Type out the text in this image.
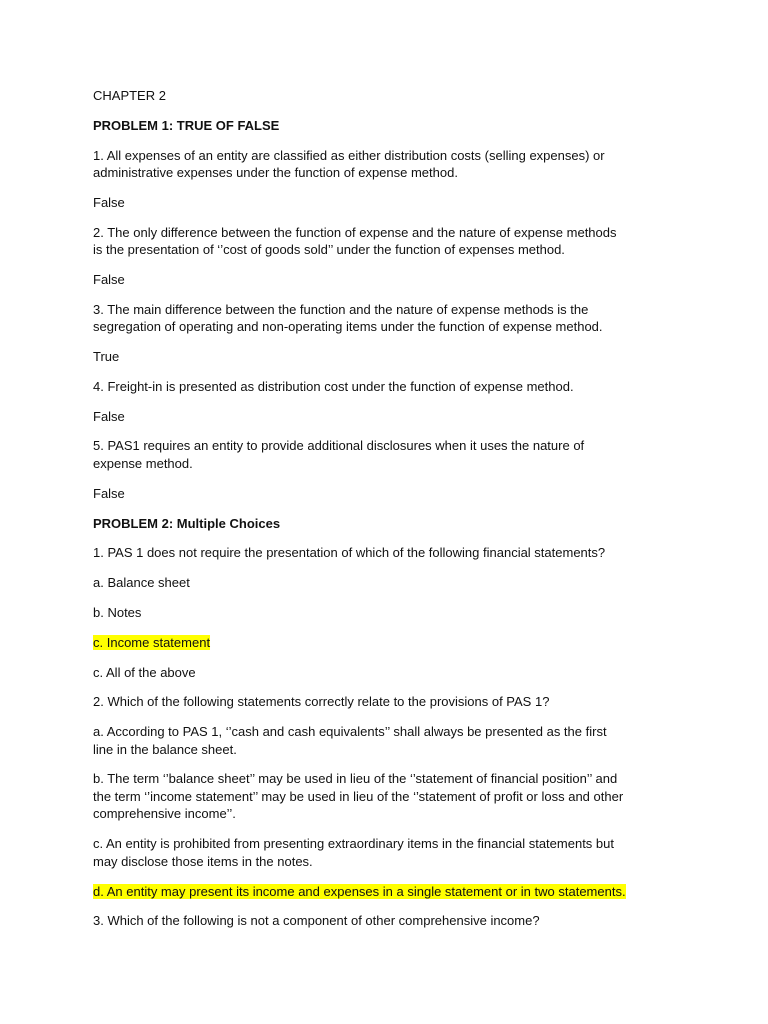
CHAPTER 2

PROBLEM 1: TRUE OF FALSE

1. All expenses of an entity are classified as either distribution costs (selling expenses) or
administrative expenses under the function of expense method.

False

2. The only difference between the function of expense and the nature of expense methods
is the presentation of ‘’cost of goods sold’’ under the function of expenses method.

False

3. The main difference between the function and the nature of expense methods is the
segregation of operating and non-operating items under the function of expense method.

True

4. Freight-in is presented as distribution cost under the function of expense method.

False

5. PAS1 requires an entity to provide additional disclosures when it uses the nature of
expense method.

False

PROBLEM 2: Multiple Choices

1. PAS 1 does not require the presentation of which of the following financial statements?

a. Balance sheet

b. Notes

c. Income statement

c. All of the above

2. Which of the following statements correctly relate to the provisions of PAS 1?

a. According to PAS 1, ‘’cash and cash equivalents’’ shall always be presented as the first
line in the balance sheet.

b. The term ‘’balance sheet’’ may be used in lieu of the ‘’statement of financial position’’ and
the term ‘’income statement’’ may be used in lieu of the ‘’statement of profit or loss and other
comprehensive income’’.

c. An entity is prohibited from presenting extraordinary items in the financial statements but
may disclose those items in the notes.

d. An entity may present its income and expenses in a single statement or in two statements.

3. Which of the following is not a component of other comprehensive income?
